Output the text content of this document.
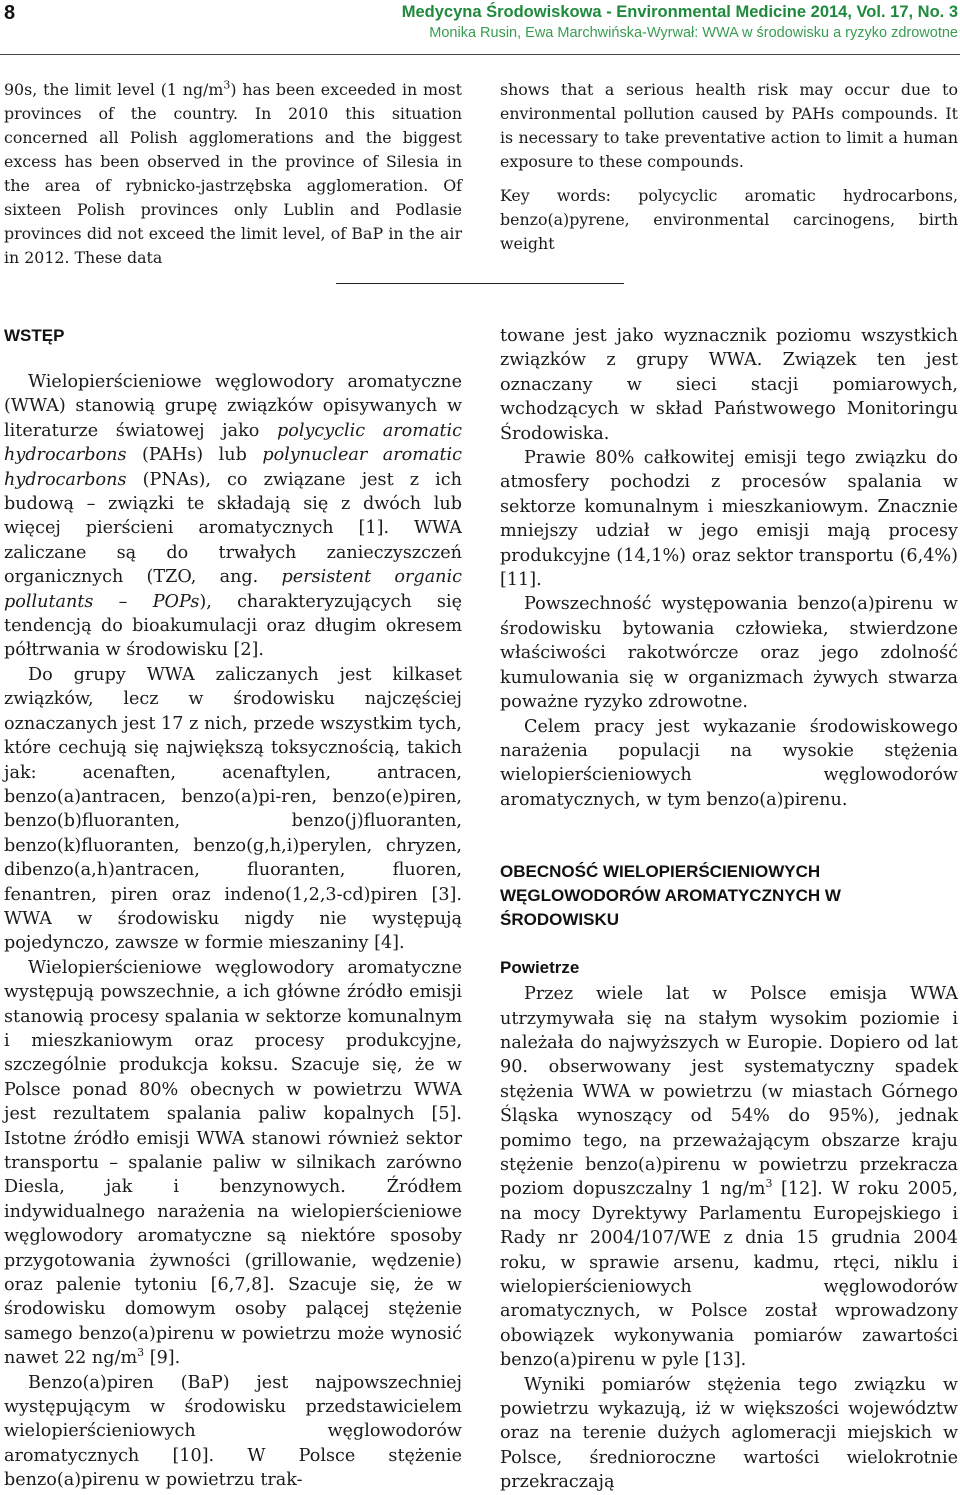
8	Medycyna Środowiskowa - Environmental Medicine 2014, Vol. 17, No. 3
Monika Rusin, Ewa Marchwińska-Wyrwał: WWA w środowisku a ryzyko zdrowotne

90s, the limit level (1 $ng/m^3$) has been exceeded in most provinces of the country. In 2010 this situation concerned all Polish agglomerations and the biggest excess has been observed in the province of Silesia in the area of rybnicko-jastrzębska agglomeration. Of sixteen Polish provinces only Lublin and Podlasie provinces did not exceed the limit level, of BaP in the air in 2012. These data

shows that a serious health risk may occur due to environmental pollution caused by PAHs compounds. It is necessary to take preventative action to limit a human exposure to these compounds.

Key words: polycyclic aromatic hydrocarbons, benzo(a)pyrene, environmental carcinogens, birth weight

WSTĘP

Wielopierścieniowe węglowodory aromatyczne (WWA) stanowią grupę związków opisywanych w literaturze światowej jako polycyclic aromatic hydrocarbons (PAHs) lub polynuclear aromatic hydrocarbons (PNAs), co związane jest z ich budową – związki te składają się z dwóch lub więcej pierścieni aromatycznych [1]. WWA zaliczane są do trwałych zanieczyszczeń organicznych (TZO, ang. persistent organic pollutants – POPs), charakteryzujących się tendencją do bioakumulacji oraz długim okresem półtrwania w środowisku [2].

Do grupy WWA zaliczanych jest kilkaset związków, lecz w środowisku najczęściej oznaczanych jest 17 z nich, przede wszystkim tych, które cechują się największą toksycznością, takich jak: acenaften, acenaftylen, antracen, benzo(a)antracen, benzo(a)pi-ren, benzo(e)piren, benzo(b)fluoranten, benzo(j)fluoranten, benzo(k)fluoranten, benzo(g,h,i)perylen, chryzen, dibenzo(a,h)antracen, fluoranten, fluoren, fenantren, piren oraz indeno(1,2,3-cd)piren [3]. WWA w środowisku nigdy nie występują pojedynczo, zawsze w formie mieszaniny [4].

Wielopierścieniowe węglowodory aromatyczne występują powszechnie, a ich główne źródło emisji stanowią procesy spalania w sektorze komunalnym i mieszkaniowym oraz procesy produkcyjne, szczególnie produkcja koksu. Szacuje się, że w Polsce ponad 80% obecnych w powietrzu WWA jest rezultatem spalania paliw kopalnych [5]. Istotne źródło emisji WWA stanowi również sektor transportu – spalanie paliw w silnikach zarówno Diesla, jak i benzynowych. Źródłem indywidualnego narażenia na wielopierścieniowe węglowodory aromatyczne są niektóre sposoby przygotowania żywności (grillowanie, wędzenie) oraz palenie tytoniu [6,7,8]. Szacuje się, że w środowisku domowym osoby palącej stężenie samego benzo(a)pirenu w powietrzu może wynosić nawet 22 $ng/m^3$ [9].

Benzo(a)piren (BaP) jest najpowszechniej występującym w środowisku przedstawicielem wielopierścieniowych węglowodorów aromatycznych [10]. W Polsce stężenie benzo(a)pirenu w powietrzu trak-

towane jest jako wyznacznik poziomu wszystkich związków z grupy WWA. Związek ten jest oznaczany w sieci stacji pomiarowych, wchodzących w skład Państwowego Monitoringu Środowiska.

Prawie 80% całkowitej emisji tego związku do atmosfery pochodzi z procesów spalania w sektorze komunalnym i mieszkaniowym. Znacznie mniejszy udział w jego emisji mają procesy produkcyjne (14,1%) oraz sektor transportu (6,4%) [11].

Powszechność występowania benzo(a)pirenu w środowisku bytowania człowieka, stwierdzone właściwości rakotwórcze oraz jego zdolność kumulowania się w organizmach żywych stwarza poważne ryzyko zdrowotne.

Celem pracy jest wykazanie środowiskowego narażenia populacji na wysokie stężenia wielopierścieniowych węglowodorów aromatycznych, w tym benzo(a)pirenu.

OBECNOŚĆ WIELOPIERŚCIENIOWYCH WĘGLOWODORÓW AROMATYCZNYCH W ŚRODOWISKU
Powietrze

Przez wiele lat w Polsce emisja WWA utrzymywała się na stałym wysokim poziomie i należała do najwyższych w Europie. Dopiero od lat 90. obserwowany jest systematyczny spadek stężenia WWA w powietrzu (w miastach Górnego Śląska wynoszący od 54% do 95%), jednak pomimo tego, na przeważającym obszarze kraju stężenie benzo(a)pirenu w powietrzu przekracza poziom dopuszczalny 1 $ng/m^3$ [12]. W roku 2005, na mocy Dyrektywy Parlamentu Europejskiego i Rady nr 2004/107/WE z dnia 15 grudnia 2004 roku, w sprawie arsenu, kadmu, rtęci, niklu i wielopierścieniowych węglowodorów aromatycznych, w Polsce został wprowadzony obowiązek wykonywania pomiarów zawartości benzo(a)pirenu w pyle [13].

Wyniki pomiarów stężenia tego związku w powietrzu wykazują, iż w większości województw oraz na terenie dużych aglomeracji miejskich w Polsce, średnioroczne wartości wielokrotnie przekraczają
